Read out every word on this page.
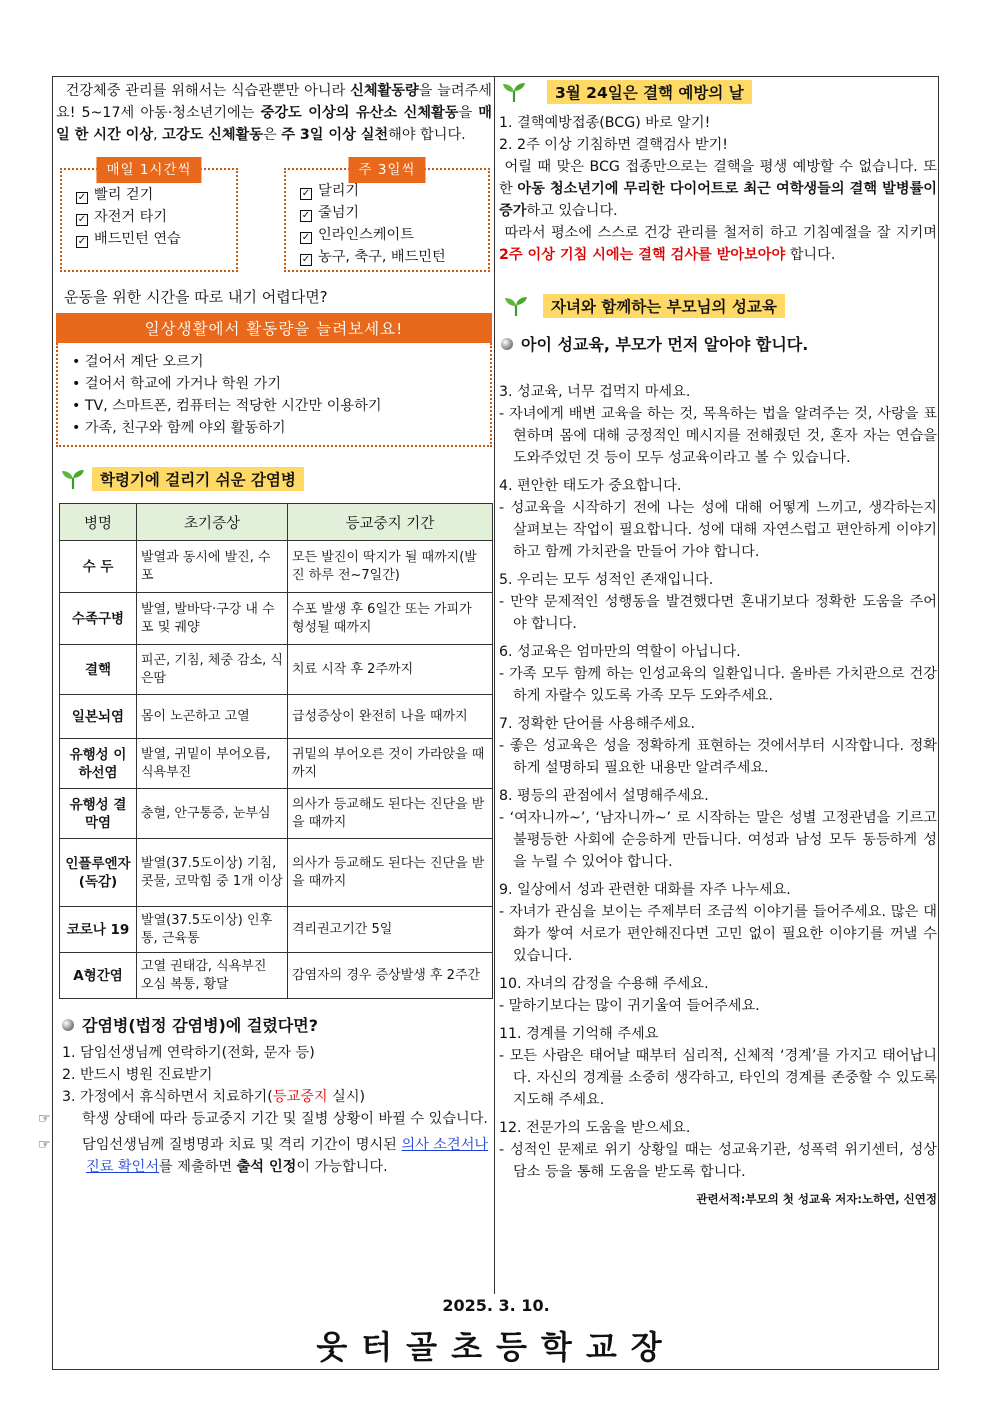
건강체중 관리를 위해서는 식습관뿐만 아니라 신체활동량을 늘려주세요! 5~17세 아동·청소년기에는 중강도 이상의 유산소 신체활동을 매일 한 시간 이상, 고강도 신체활동은 주 3일 이상 실천해야 합니다.
매일 1시간씩
✓ 빨리 걷기
✓ 자전거 타기
✓ 배드민턴 연습
주 3일씩
✓ 달리기
✓ 줄넘기
✓ 인라인스케이트
✓ 농구, 축구, 배드민턴
운동을 위한 시간을 따로 내기 어렵다면?
일상생활에서 활동량을 늘려보세요!
• 걸어서 계단 오르기
• 걸어서 학교에 가거나 학원 가기
• TV, 스마트폰, 컴퓨터는 적당한 시간만 이용하기
• 가족, 친구와 함께 야외 활동하기
학령기에 걸리기 쉬운 감염병
병명	초기증상	등교중지 기간
수 두	발열과 동시에 발진, 수포	모든 발진이 딱지가 될 때까지(발진 하루 전~7일간)
수족구병	발열, 발바닥·구강 내 수포 및 궤양	수포 발생 후 6일간 또는 가피가 형성될 때까지
결핵	피곤, 기침, 체중 감소, 식은땀	치료 시작 후 2주까지
일본뇌염	몸이 노곤하고 고열	급성증상이 완전히 나을 때까지
유행성 이하선염	발열, 귀밑이 부어오름, 식욕부진	귀밑의 부어오른 것이 가라앉을 때까지
유행성 결막염	충혈, 안구통증, 눈부심	의사가 등교해도 된다는 진단을 받을 때까지
인플루엔자 (독감)	발열(37.5도이상) 기침, 콧물, 코막힘 중 1개 이상	의사가 등교해도 된다는 진단을 받을 때까지
코로나 19	발열(37.5도이상) 인후통, 근육통	격리권고기간 5일
A형간염	고열 권태감, 식욕부진 오심 복통, 황달	감염자의 경우 증상발생 후 2주간
감염병(법정 감염병)에 걸렸다면?
1. 담임선생님께 연락하기(전화, 문자 등)
2. 반드시 병원 진료받기
3. 가정에서 휴식하면서 치료하기(등교중지 실시)
☞ 학생 상태에 따라 등교중지 기간 및 질병 상황이 바뀔 수 있습니다.
☞ 담임선생님께 질병명과 치료 및 격리 기간이 명시된 의사 소견서나 진료 확인서를 제출하면 출석 인정이 가능합니다.
3월 24일은 결핵 예방의 날
1. 결핵예방접종(BCG) 바로 알기!
2. 2주 이상 기침하면 결핵검사 받기!
어릴 때 맞은 BCG 접종만으로는 결핵을 평생 예방할 수 없습니다. 또한 아동 청소년기에 무리한 다이어트로 최근 여학생들의 결핵 발병률이 증가하고 있습니다.
따라서 평소에 스스로 건강 관리를 철저히 하고 기침예절을 잘 지키며 2주 이상 기침 시에는 결핵 검사를 받아보아야 합니다.
자녀와 함께하는 부모님의 성교육
아이 성교육, 부모가 먼저 알아야 합니다.
3. 성교육, 너무 겁먹지 마세요.
- 자녀에게 배변 교육을 하는 것, 목욕하는 법을 알려주는 것, 사랑을 표현하며 몸에 대해 긍정적인 메시지를 전해줬던 것, 혼자 자는 연습을 도와주었던 것 등이 모두 성교육이라고 볼 수 있습니다.
4. 편안한 태도가 중요합니다.
- 성교육을 시작하기 전에 나는 성에 대해 어떻게 느끼고, 생각하는지 살펴보는 작업이 필요합니다. 성에 대해 자연스럽고 편안하게 이야기하고 함께 가치관을 만들어 가야 합니다.
5. 우리는 모두 성적인 존재입니다.
- 만약 문제적인 성행동을 발견했다면 혼내기보다 정확한 도움을 주어야 합니다.
6. 성교육은 엄마만의 역할이 아닙니다.
- 가족 모두 함께 하는 인성교육의 일환입니다. 올바른 가치관으로 건강하게 자랄수 있도록 가족 모두 도와주세요.
7. 정확한 단어를 사용해주세요.
- 좋은 성교육은 성을 정확하게 표현하는 것에서부터 시작합니다. 정확하게 설명하되 필요한 내용만 알려주세요.
8. 평등의 관점에서 설명해주세요.
- ‘여자니까~’, ‘남자니까~’ 로 시작하는 말은 성별 고정관념을 기르고 불평등한 사회에 순응하게 만듭니다. 여성과 남성 모두 동등하게 성을 누릴 수 있어야 합니다.
9. 일상에서 성과 관련한 대화를 자주 나누세요.
- 자녀가 관심을 보이는 주제부터 조금씩 이야기를 들어주세요. 많은 대화가 쌓여 서로가 편안해진다면 고민 없이 필요한 이야기를 꺼낼 수 있습니다.
10. 자녀의 감정을 수용해 주세요.
- 말하기보다는 많이 귀기울여 들어주세요.
11. 경계를 기억해 주세요
- 모든 사람은 태어날 때부터 심리적, 신체적 ‘경계’를 가지고 태어납니다. 자신의 경계를 소중히 생각하고, 타인의 경계를 존중할 수 있도록 지도해 주세요.
12. 전문가의 도움을 받으세요.
- 성적인 문제로 위기 상황일 때는 성교육기관, 성폭력 위기센터, 성상담소 등을 통해 도움을 받도록 합니다.
관련서적:부모의 첫 성교육 저자:노하연, 신연정
2025. 3. 10.
웃터골초등학교장
